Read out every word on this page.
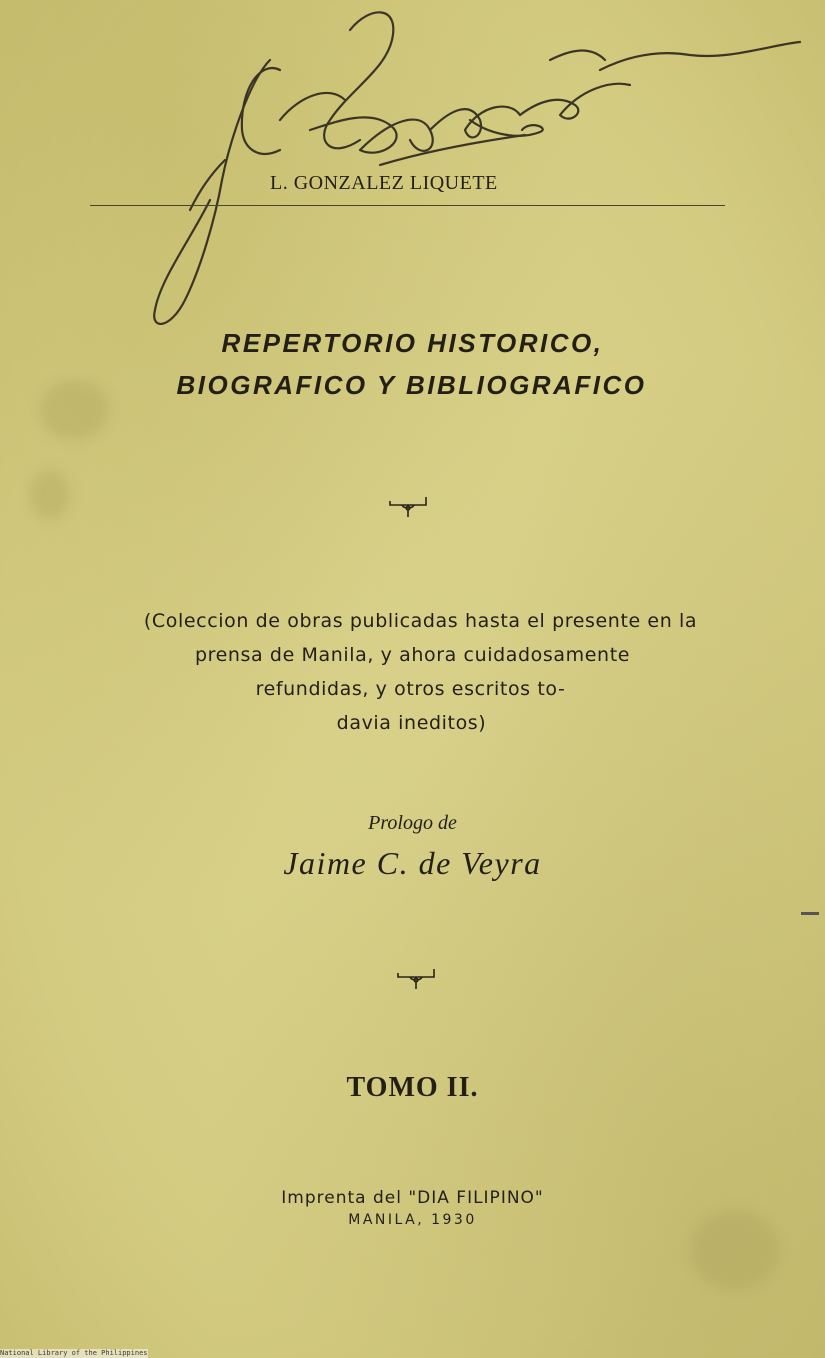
L. GONZALEZ LIQUETE
REPERTORIO HISTORICO,
BIOGRAFICO Y BIBLIOGRAFICO
(Coleccion de obras publicadas hasta el presente en la
prensa de Manila, y ahora cuidadosamente
refundidas, y otros escritos to-
davia ineditos)
Prologo de
Jaime C. de Veyra
TOMO II.
Imprenta del "DIA FILIPINO"
MANILA, 1930
National Library of the Philippines
